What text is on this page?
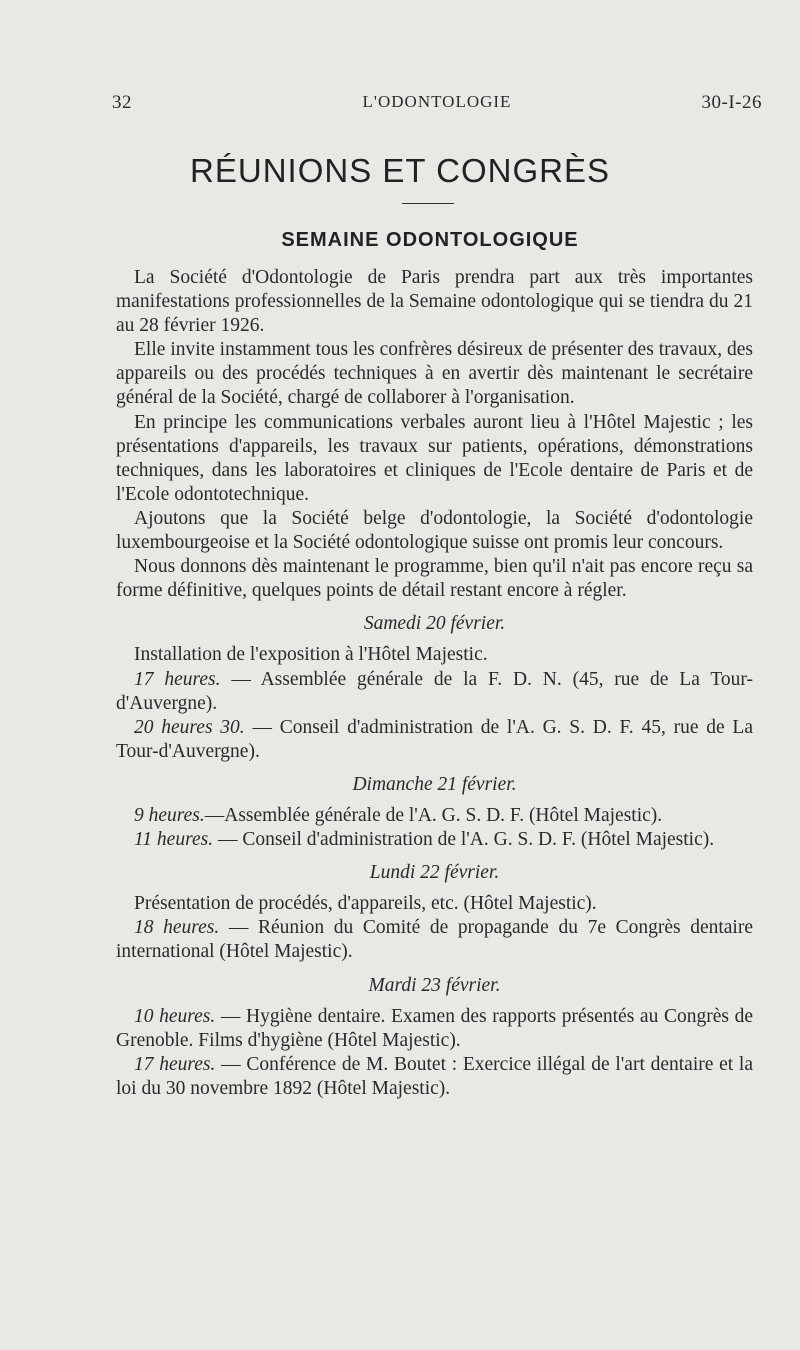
32	L'ODONTOLOGIE	30-I-26
RÉUNIONS ET CONGRÈS
SEMAINE ODONTOLOGIQUE

La Société d'Odontologie de Paris prendra part aux très importantes manifestations professionnelles de la Semaine odontologique qui se tiendra du 21 au 28 février 1926.

Elle invite instamment tous les confrères désireux de présenter des travaux, des appareils ou des procédés techniques à en avertir dès maintenant le secrétaire général de la Société, chargé de collaborer à l'organisation.

En principe les communications verbales auront lieu à l'Hôtel Majestic ; les présentations d'appareils, les travaux sur patients, opérations, démonstrations techniques, dans les laboratoires et cliniques de l'Ecole dentaire de Paris et de l'Ecole odontotechnique.

Ajoutons que la Société belge d'odontologie, la Société d'odontologie luxembourgeoise et la Société odontologique suisse ont promis leur concours.

Nous donnons dès maintenant le programme, bien qu'il n'ait pas encore reçu sa forme définitive, quelques points de détail restant encore à régler.

Samedi 20 février.

Installation de l'exposition à l'Hôtel Majestic.

17 heures. — Assemblée générale de la F. D. N. (45, rue de La Tour-d'Auvergne).

20 heures 30. — Conseil d'administration de l'A. G. S. D. F. 45, rue de La Tour-d'Auvergne).

Dimanche 21 février.

9 heures.—Assemblée générale de l'A. G. S. D. F. (Hôtel Majestic).

11 heures. — Conseil d'administration de l'A. G. S. D. F. (Hôtel Majestic).

Lundi 22 février.

Présentation de procédés, d'appareils, etc. (Hôtel Majestic).

18 heures. — Réunion du Comité de propagande du 7e Congrès dentaire international (Hôtel Majestic).

Mardi 23 février.

10 heures. — Hygiène dentaire. Examen des rapports présentés au Congrès de Grenoble. Films d'hygiène (Hôtel Majestic).

17 heures. — Conférence de M. Boutet : Exercice illégal de l'art dentaire et la loi du 30 novembre 1892 (Hôtel Majestic).
